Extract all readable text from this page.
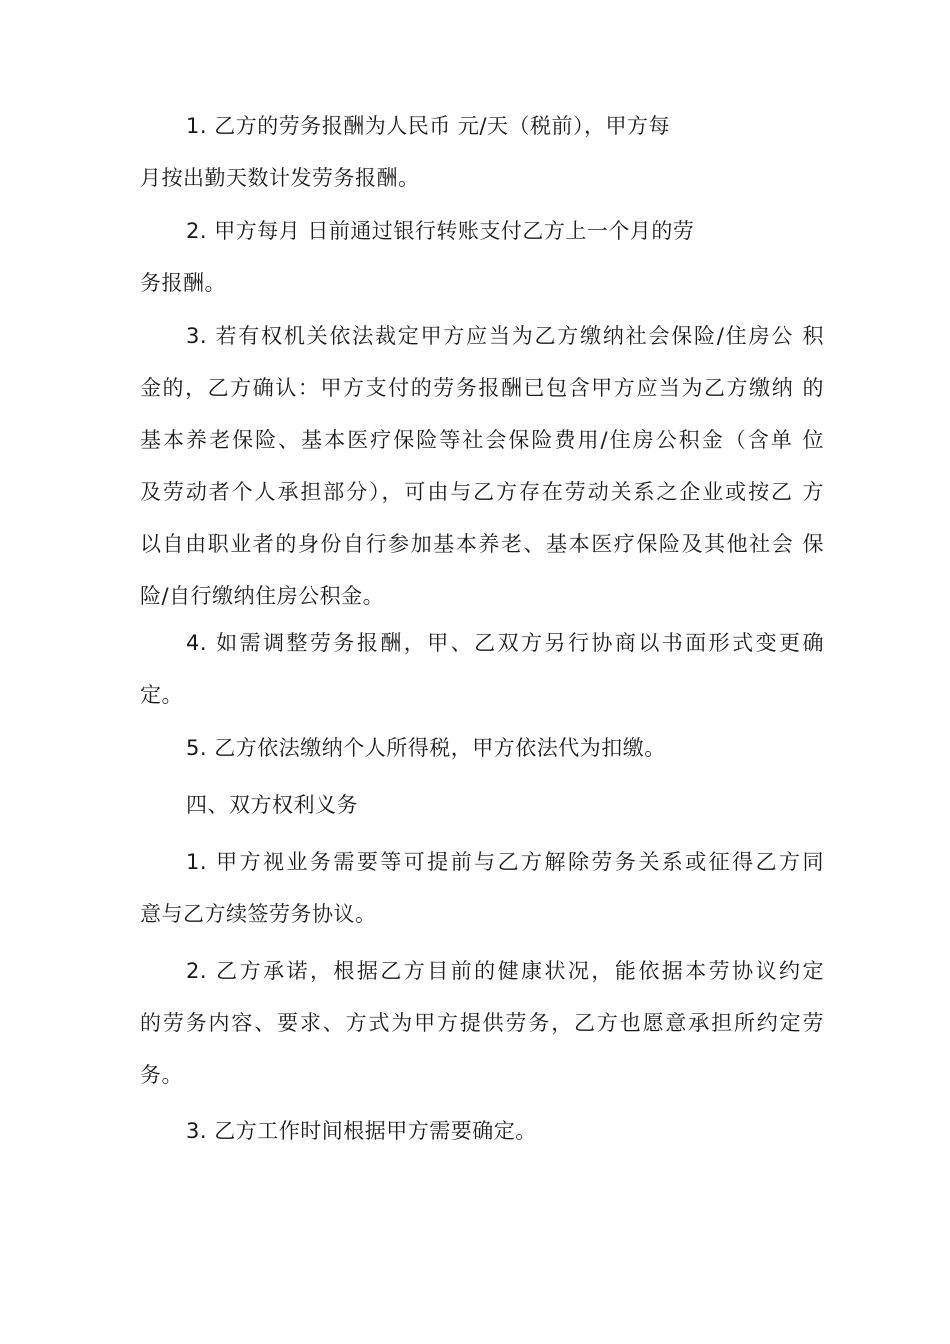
1. 乙方的劳务报酬为人民币 元/天（税前），甲方每
月按出勤天数计发劳务报酬。

2. 甲方每月 日前通过银行转账支付乙方上一个月的劳
务报酬。

3. 若有权机关依法裁定甲方应当为乙方缴纳社会保险/住房公 积
金的，乙方确认：甲方支付的劳务报酬已包含甲方应当为乙方缴纳 的
基本养老保险、基本医疗保险等社会保险费用/住房公积金（含单 位
及劳动者个人承担部分），可由与乙方存在劳动关系之企业或按乙 方
以自由职业者的身份自行参加基本养老、基本医疗保险及其他社会 保
险/自行缴纳住房公积金。

4. 如需调整劳务报酬，甲、乙双方另行协商以书面形式变更确
定。

5. 乙方依法缴纳个人所得税，甲方依法代为扣缴。

四、双方权利义务

1. 甲方视业务需要等可提前与乙方解除劳务关系或征得乙方同
意与乙方续签劳务协议。

2. 乙方承诺，根据乙方目前的健康状况，能依据本劳协议约定
的劳务内容、要求、方式为甲方提供劳务，乙方也愿意承担所约定劳
务。

3. 乙方工作时间根据甲方需要确定。
